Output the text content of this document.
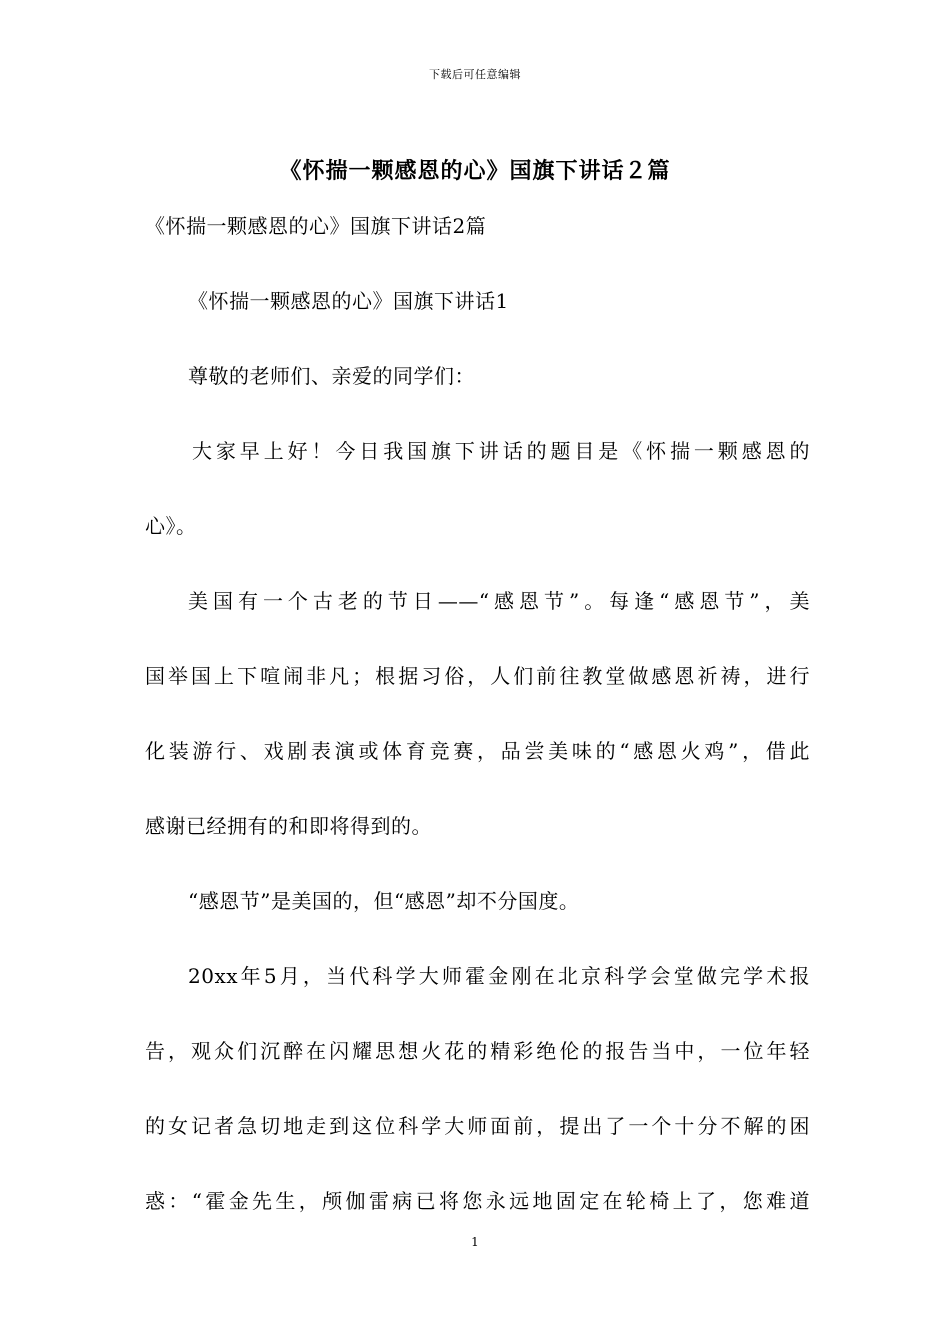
下载后可任意编辑
《怀揣一颗感恩的心》国旗下讲话２篇
《怀揣一颗感恩的心》国旗下讲话2篇
《怀揣一颗感恩的心》国旗下讲话1
尊敬的老师们、亲爱的同学们：
大家早上好！今日我国旗下讲话的题目是《怀揣一颗感恩的
心》。
美国有一个古老的节日——“感恩节”。每逢“感恩节”，美
国举国上下喧闹非凡；根据习俗，人们前往教堂做感恩祈祷，进行
化装游行、戏剧表演或体育竞赛，品尝美味的“感恩火鸡”，借此
感谢已经拥有的和即将得到的。
“感恩节”是美国的，但“感恩”却不分国度。
20xx年5月，当代科学大师霍金刚在北京科学会堂做完学术报
告，观众们沉醉在闪耀思想火花的精彩绝伦的报告当中，一位年轻
的女记者急切地走到这位科学大师面前，提出了一个十分不解的困
惑：“霍金先生，颅伽雷病已将您永远地固定在轮椅上了，您难道
1
